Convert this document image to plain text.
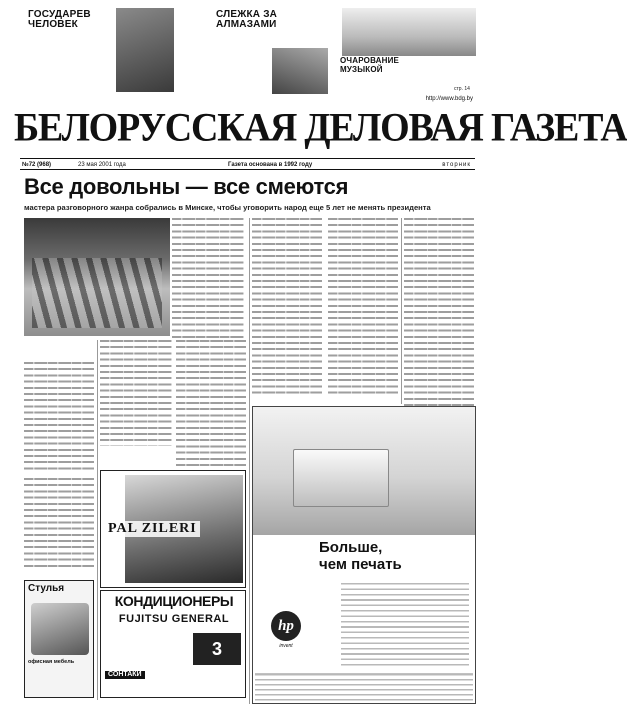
ГОСУДАРЕВ ЧЕЛОВЕК
СЛЕЖКА ЗА АЛМАЗАМИ
ОЧАРОВАНИЕ МУЗЫКОЙ
стр. 14
http://www.bdg.by
БЕЛОРУССКАЯ ДЕЛОВАЯ ГАЗЕТА
№72 (968)	23 мая 2001 года	Газета основана в 1992 году	вторник
Все довольны — все смеются
мастера разговорного жанра собрались в Минске, чтобы уговорить народ еще 5 лет не менять президента
PAL ZILERI
КОНДИЦИОНЕРЫ
FUJITSU GENERAL
3
СОНТАКИ
Стулья
офисная мебель
Больше,
чем печать
hp
invent
